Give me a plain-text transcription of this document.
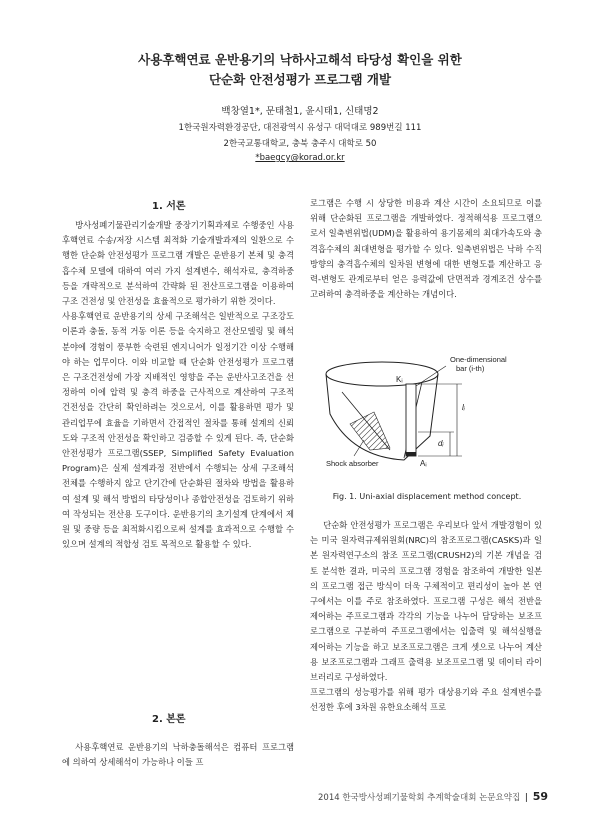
사용후핵연료 운반용기의 낙하사고해석 타당성 확인을 위한
단순화 안전성평가 프로그램 개발
백창열1*, 문태철1, 윤시태1, 신태명2
1한국원자력환경공단, 대전광역시 유성구 대덕대로 989번길 111
2한국교통대학교, 충북 충주시 대학로 50
*baegcy@korad.or.kr
1. 서론

방사성폐기물관리기술개발 중장기기획과제로 수행중인 사용후핵연료 수송/저장 시스템 최적화 기술개발과제의 일환으로 수행한 단순화 안전성평가 프로그램 개발은 운반용기 본체 및 충격흡수체 모델에 대하여 여러 가지 설계변수, 해석자료, 충격하중 등을 개략적으로 분석하여 간략화 된 전산프로그램을 이용하여 구조 건전성 및 안전성을 효율적으로 평가하기 위한 것이다.

사용후핵연료 운반용기의 상세 구조해석은 일반적으로 구조강도 이론과 충돌, 동적 거동 이론 등을 숙지하고 전산모델링 및 해석분야에 경험이 풍부한 숙련된 엔지니어가 일정기간 이상 수행해야 하는 업무이다. 이와 비교할 때 단순화 안전성평가 프로그램은 구조건전성에 가장 지배적인 영향을 주는 운반사고조건을 선정하여 이에 압력 및 충격 하중을 근사적으로 계산하여 구조적 건전성을 간단히 확인하려는 것으로서, 이를 활용하면 평가 및 관리업무에 효율을 기하면서 간접적인 절차를 통해 설계의 신뢰도와 구조적 안전성을 확인하고 검증할 수 있게 된다. 즉, 단순화 안전성평가 프로그램(SSEP, Simplified Safety Evaluation Program)은 실제 설계과정 전반에서 수행되는 상세 구조해석 전체를 수행하지 않고 단기간에 단순화된 절차와 방법을 활용하여 설계 및 해석 방법의 타당성이나 종합안전성을 검토하기 위하여 작성되는 전산용 도구이다. 운반용기의 초기설계 단계에서 제원 및 중량 등을 최적화시킴으로써 설계를 효과적으로 수행할 수 있으며 설계의 적합성 검토 목적으로 활용할 수 있다.

2. 본론

사용후핵연료 운반용기의 낙하충돌해석은 컴퓨터 프로그램에 의하여 상세해석이 가능하나 이들 프

로그램은 수행 시 상당한 비용과 계산 시간이 소요되므로 이를 위해 단순화된 프로그램을 개발하였다. 정적해석용 프로그램으로서 일축변위법(UDM)을 활용하여 용기몸체의 최대가속도와 충격흡수체의 최대변형을 평가할 수 있다. 일축변위법은 낙하 수직방향의 충격흡수체의 일차원 변형에 대한 변형도를 계산하고 응력-변형도 관계로부터 얻은 응력값에 단면적과 경계조건 상수를 고려하여 충격하중을 계산하는 개념이다.

One-dimensional
bar (i-th)
Kᵢ
lᵢ
dᵢ
Aᵢ
Shock absorber
Fig. 1. Uni-axial displacement method concept.

단순화 안전성평가 프로그램은 우리보다 앞서 개발경험이 있는 미국 원자력규제위원회(NRC)의 참조프로그램(CASKS)과 일본 원자력연구소의 참조 프로그램(CRUSH2)의 기본 개념을 검토 분석한 결과, 미국의 프로그램 경험을 참조하여 개발한 일본의 프로그램 접근 방식이 더욱 구체적이고 편리성이 높아 본 연구에서는 이를 주로 참조하였다. 프로그램 구성은 해석 전반을 제어하는 주프로그램과 각각의 기능을 나누어 담당하는 보조프로그램으로 구분하여 주프로그램에서는 입출력 및 해석실행을 제어하는 기능을 하고 보조프로그램은 크게 셋으로 나누어 계산용 보조프로그램과 그래프 출력용 보조프로그램 및 데이터 라이브러리로 구성하였다.

프로그램의 성능평가를 위해 평가 대상용기와 주요 설계변수를 선정한 후에 3차원 유한요소해석 프로

2014 한국방사성폐기물학회 추계학술대회 논문요약집 | 59
